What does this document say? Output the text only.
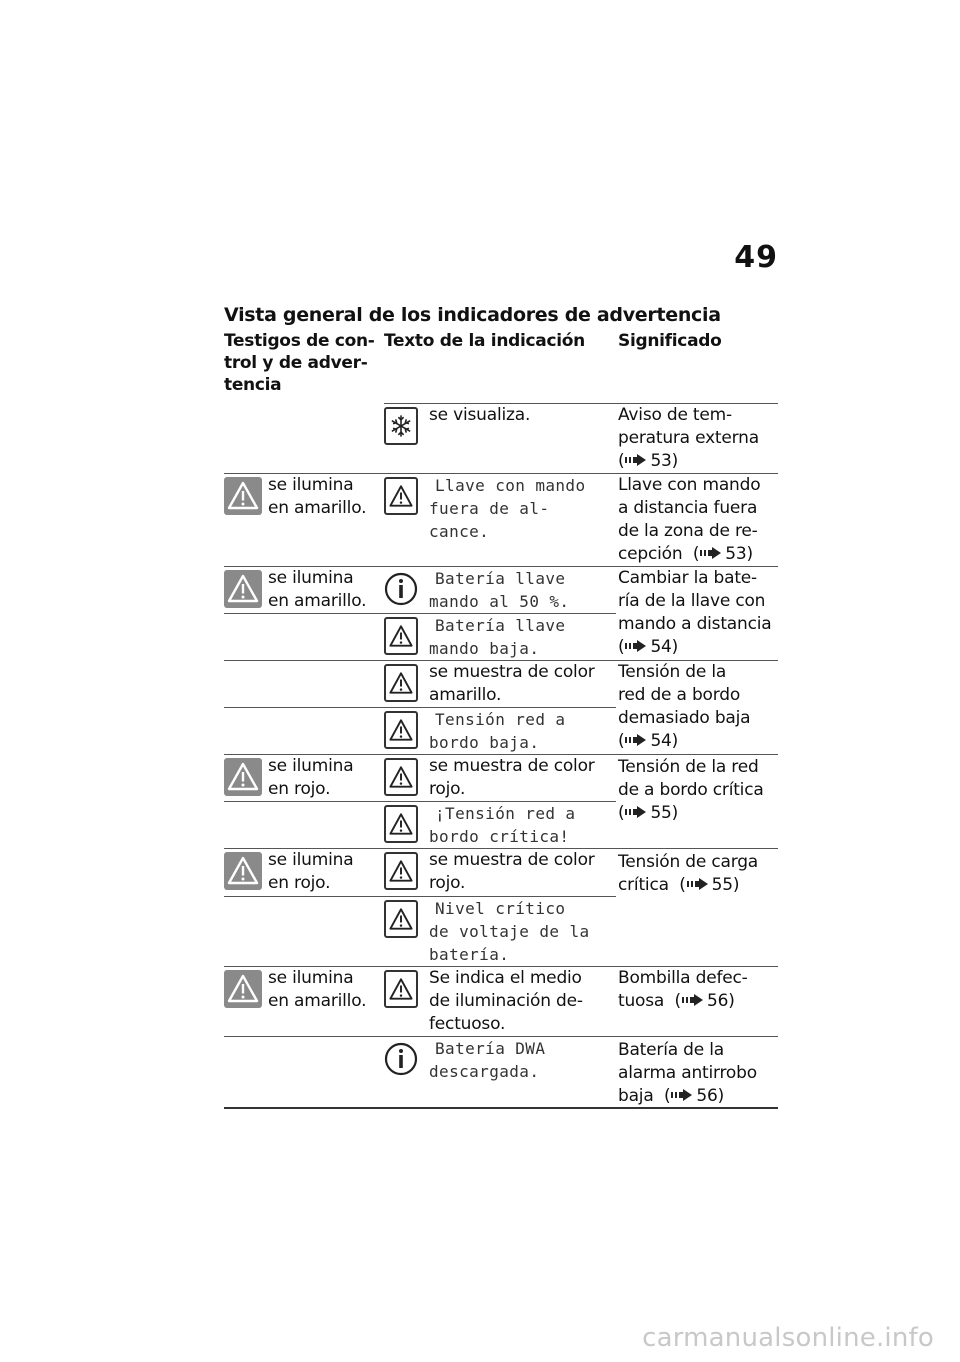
49
Vista general de los indicadores de advertencia
Testigos de con-
trol y de adver-
tencia
Texto de la indicación Significado
se visualiza.	Aviso de tem-
peratura externa
( 53)
se ilumina
en amarillo.
Llave con mando
fuera de al-
cance.
Llave con mando
a distancia fuera
de la zona de re-
cepción  ( 53)
se ilumina
en amarillo.
Batería llave
mando al 50 %.
Batería llave
mando baja.
Cambiar la bate-
ría de la llave con
mando a distancia
( 54)
se muestra de color
amarillo.
Tensión red a
bordo baja.
Tensión de la
red de a bordo
demasiado baja
( 54)
se ilumina
en rojo.
se muestra de color
rojo.
¡Tensión red a
bordo crítica!
Tensión de la red
de a bordo crítica
( 55)
se ilumina
en rojo.
se muestra de color
rojo.
Nivel crítico
de voltaje de la
batería.
Tensión de carga
crítica  ( 55)
se ilumina
en amarillo.
Se indica el medio
de iluminación de-
fectuoso.
Bombilla defec-
tuosa  ( 56)
Batería DWA
descargada.
Batería de la
alarma antirrobo
baja  ( 56)
carmanualsonline.info
